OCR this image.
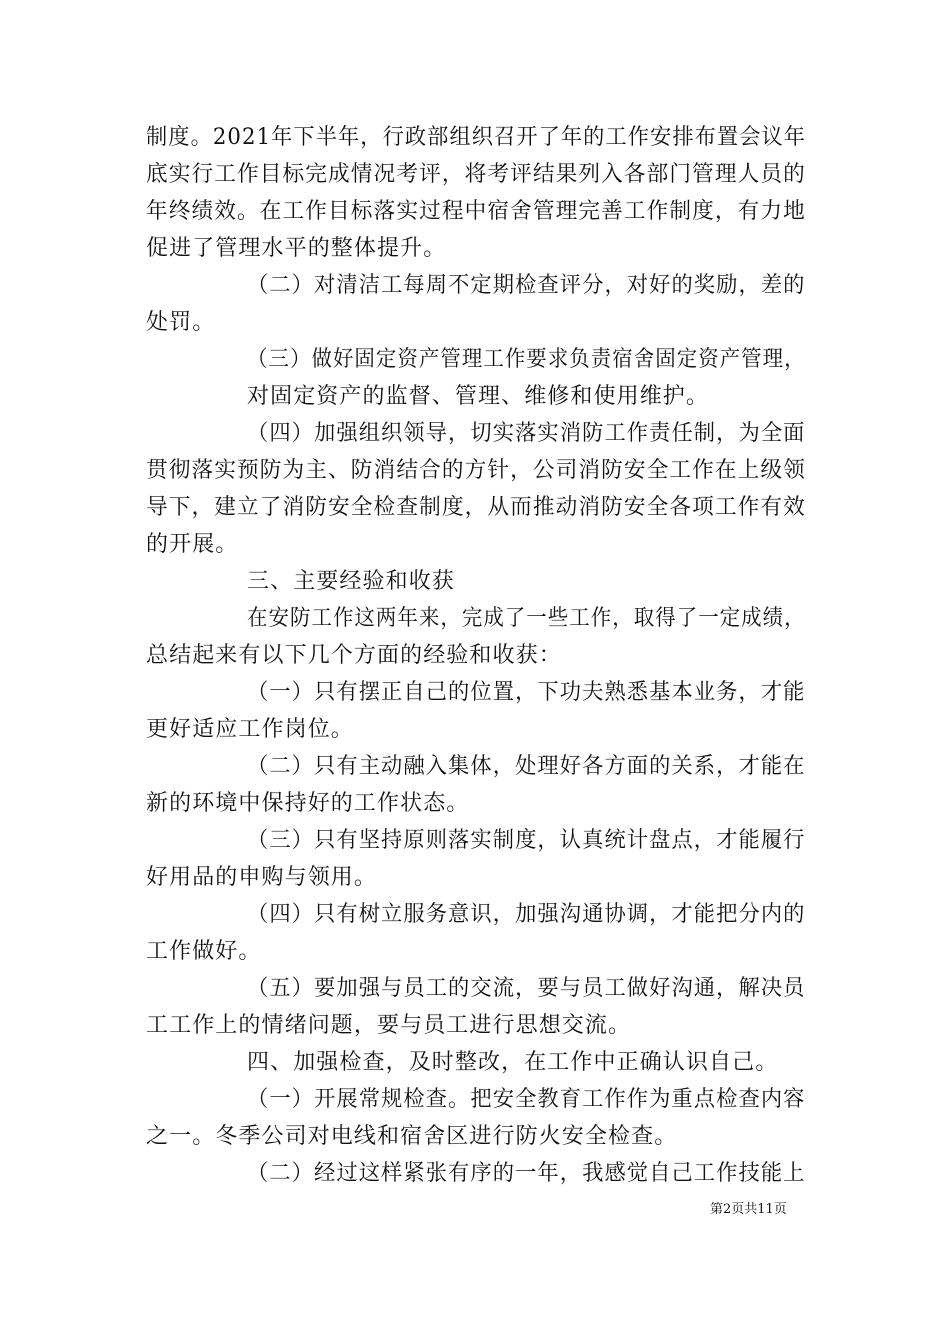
制度。2021年下半年，行政部组织召开了年的工作安排布置会议年
底实行工作目标完成情况考评，将考评结果列入各部门管理人员的
年终绩效。在工作目标落实过程中宿舍管理完善工作制度，有力地
促进了管理水平的整体提升。
（二）对清洁工每周不定期检查评分，对好的奖励，差的
处罚。
（三）做好固定资产管理工作要求负责宿舍固定资产管理，
对固定资产的监督、管理、维修和使用维护。
（四）加强组织领导，切实落实消防工作责任制，为全面
贯彻落实预防为主、防消结合的方针，公司消防安全工作在上级领
导下，建立了消防安全检查制度，从而推动消防安全各项工作有效
的开展。
三、主要经验和收获
在安防工作这两年来，完成了一些工作，取得了一定成绩，
总结起来有以下几个方面的经验和收获：
（一）只有摆正自己的位置，下功夫熟悉基本业务，才能
更好适应工作岗位。
（二）只有主动融入集体，处理好各方面的关系，才能在
新的环境中保持好的工作状态。
（三）只有坚持原则落实制度，认真统计盘点，才能履行
好用品的申购与领用。
（四）只有树立服务意识，加强沟通协调，才能把分内的
工作做好。
（五）要加强与员工的交流，要与员工做好沟通，解决员
工工作上的情绪问题，要与员工进行思想交流。
四、加强检查，及时整改，在工作中正确认识自己。
（一）开展常规检查。把安全教育工作作为重点检查内容
之一。冬季公司对电线和宿舍区进行防火安全检查。
（二）经过这样紧张有序的一年，我感觉自己工作技能上
第2页共11页
